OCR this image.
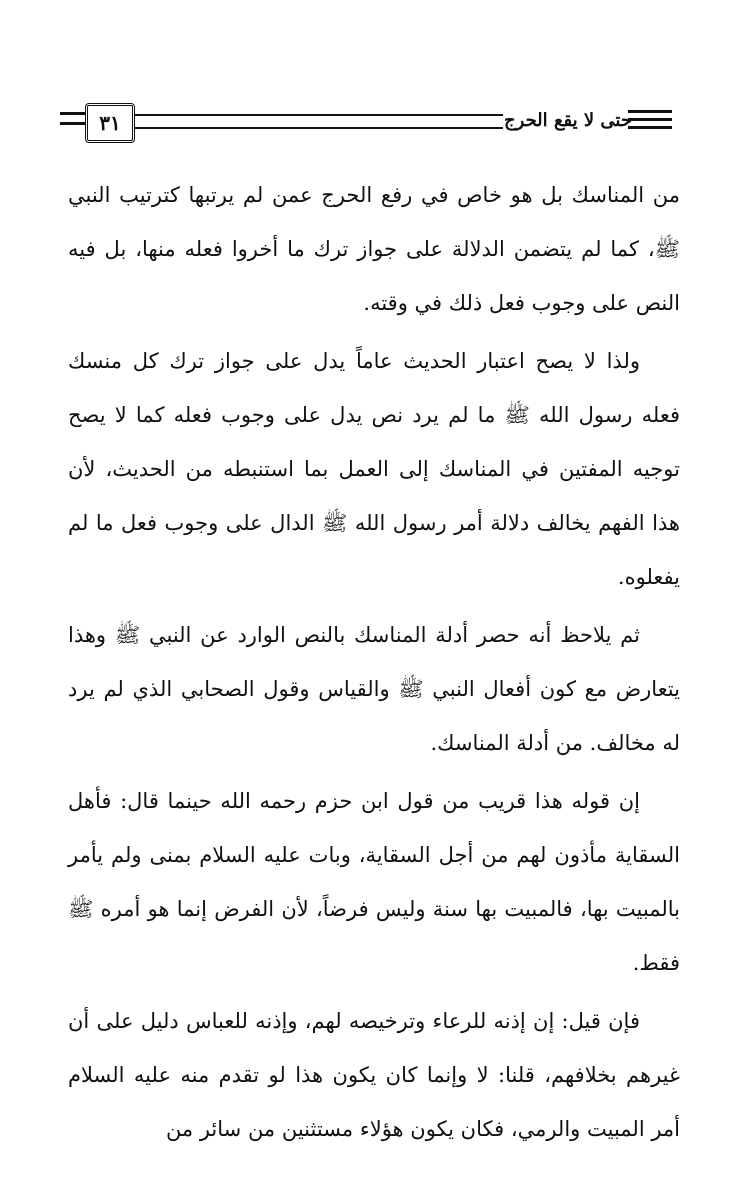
٣١	حتى لا يقع الحرج

من المناسك بل هو خاص في رفع الحرج عمن لم يرتبها كترتيب النبي ﷺ، كما لم يتضمن الدلالة على جواز ترك ما أخروا فعله منها، بل فيه النص على وجوب فعل ذلك في وقته.

ولذا لا يصح اعتبار الحديث عاماً يدل على جواز ترك كل منسك فعله رسول الله ﷺ ما لم يرد نص يدل على وجوب فعله كما لا يصح توجيه المفتين في المناسك إلى العمل بما استنبطه من الحديث، لأن هذا الفهم يخالف دلالة أمر رسول الله ﷺ الدال على وجوب فعل ما لم يفعلوه.

ثم يلاحظ أنه حصر أدلة المناسك بالنص الوارد عن النبي ﷺ وهذا يتعارض مع كون أفعال النبي ﷺ والقياس وقول الصحابي الذي لم يرد له مخالف. من أدلة المناسك.

إن قوله هذا قريب من قول ابن حزم رحمه الله حينما قال: فأهل السقاية مأذون لهم من أجل السقاية، وبات عليه السلام بمنى ولم يأمر بالمبيت بها، فالمبيت بها سنة وليس فرضاً، لأن الفرض إنما هو أمره ﷺ فقط.

فإن قيل: إن إذنه للرعاء وترخيصه لهم، وإذنه للعباس دليل على أن غيرهم بخلافهم، قلنا: لا وإنما كان يكون هذا لو تقدم منه عليه السلام أمر المبيت والرمي، فكان يكون هؤلاء مستثنين من سائر من
